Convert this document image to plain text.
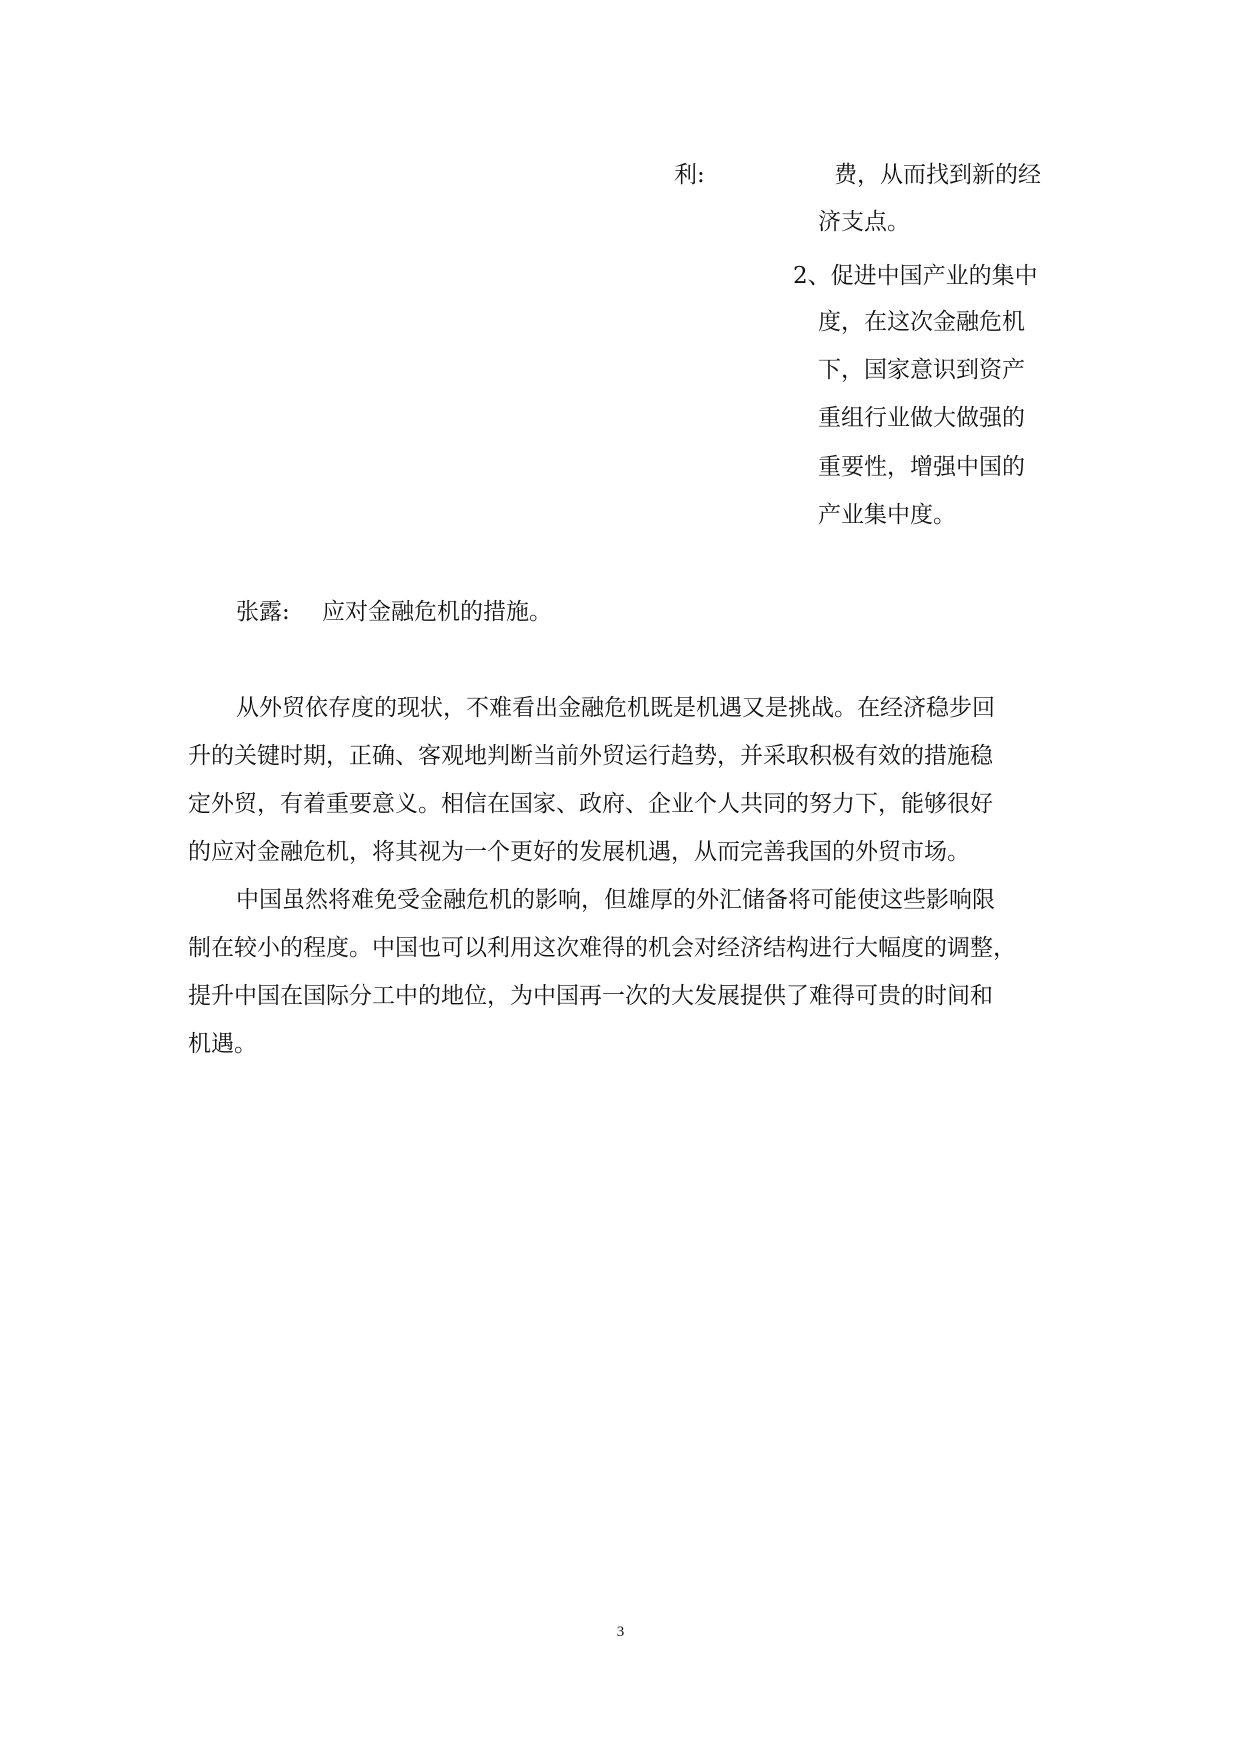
利:	费，从而找到新的经

济支点。

2、促进中国产业的集中

度，在这次金融危机

下，国家意识到资产

重组行业做大做强的

重要性，增强中国的

产业集中度。

张露: 应对金融危机的措施。

从外贸依存度的现状，不难看出金融危机既是机遇又是挑战。在经济稳步回

升的关键时期，正确、客观地判断当前外贸运行趋势，并采取积极有效的措施稳

定外贸，有着重要意义。相信在国家、政府、企业个人共同的努力下，能够很好

的应对金融危机，将其视为一个更好的发展机遇，从而完善我国的外贸市场。

中国虽然将难免受金融危机的影响，但雄厚的外汇储备将可能使这些影响限

制在较小的程度。中国也可以利用这次难得的机会对经济结构进行大幅度的调整，

提升中国在国际分工中的地位，为中国再一次的大发展提供了难得可贵的时间和

机遇。

3
